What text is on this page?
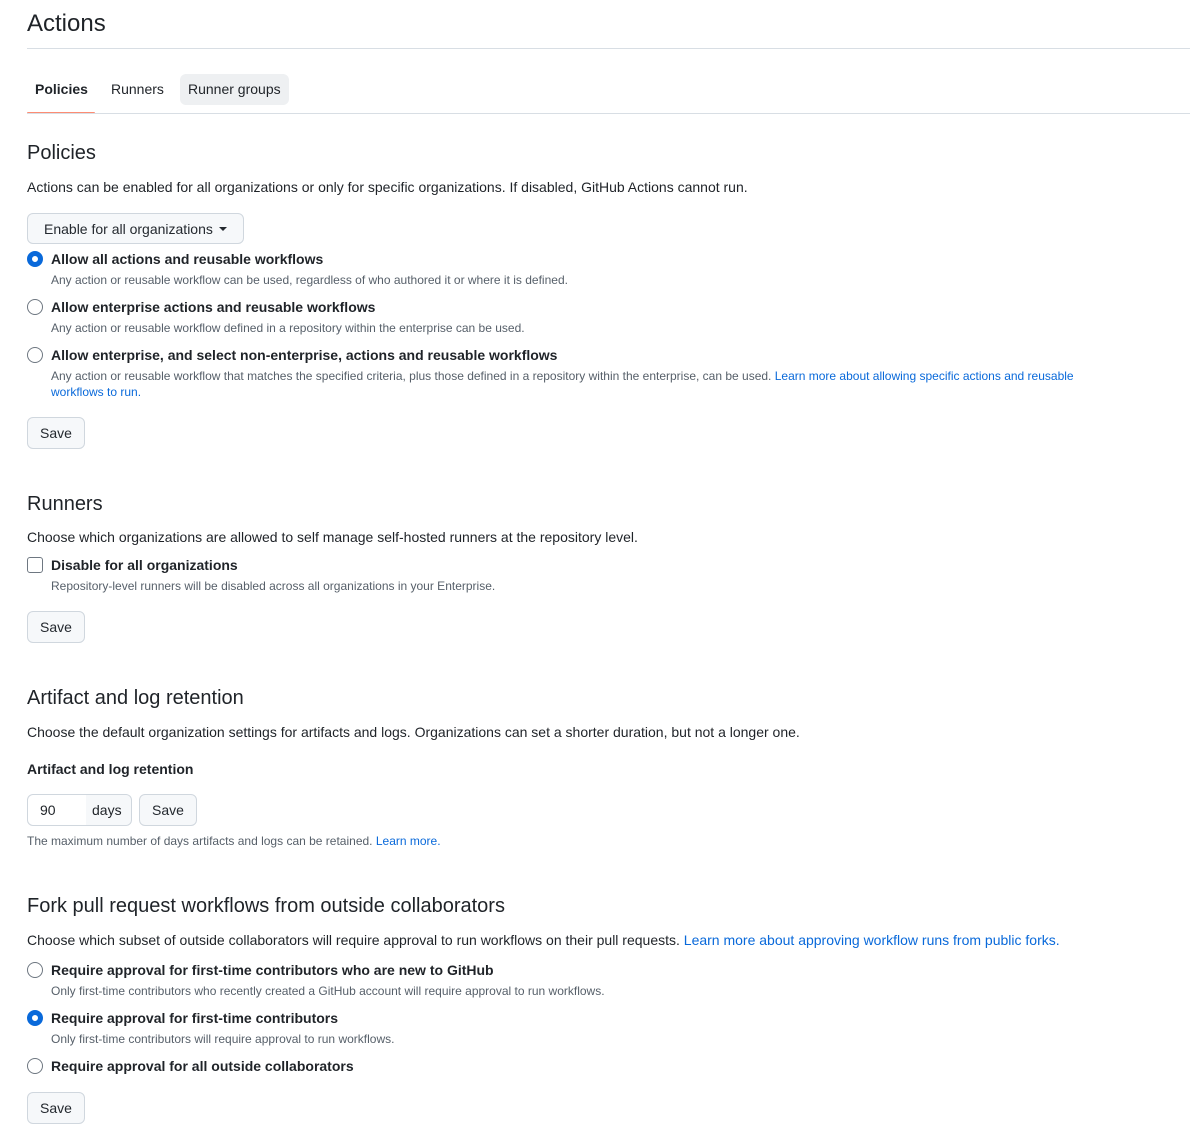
Actions
Policies	Runners	Runner groups
Policies

Actions can be enabled for all organizations or only for specific organizations. If disabled, GitHub Actions cannot run.

Enable for all organizations
Allow all actions and reusable workflows
Any action or reusable workflow can be used, regardless of who authored it or where it is defined.
Allow enterprise actions and reusable workflows
Any action or reusable workflow defined in a repository within the enterprise can be used.
Allow enterprise, and select non-enterprise, actions and reusable workflows
Any action or reusable workflow that matches the specified criteria, plus those defined in a repository within the enterprise, can be used. Learn more about allowing specific actions and reusable workflows to run.
Save
Runners

Choose which organizations are allowed to self manage self-hosted runners at the repository level.

Disable for all organizations
Repository-level runners will be disabled across all organizations in your Enterprise.
Save
Artifact and log retention

Choose the default organization settings for artifacts and logs. Organizations can set a shorter duration, but not a longer one.

Artifact and log retention
90
days	Save

The maximum number of days artifacts and logs can be retained. Learn more.

Fork pull request workflows from outside collaborators

Choose which subset of outside collaborators will require approval to run workflows on their pull requests. Learn more about approving workflow runs from public forks.

Require approval for first-time contributors who are new to GitHub
Only first-time contributors who recently created a GitHub account will require approval to run workflows.
Require approval for first-time contributors
Only first-time contributors will require approval to run workflows.
Require approval for all outside collaborators
Save
